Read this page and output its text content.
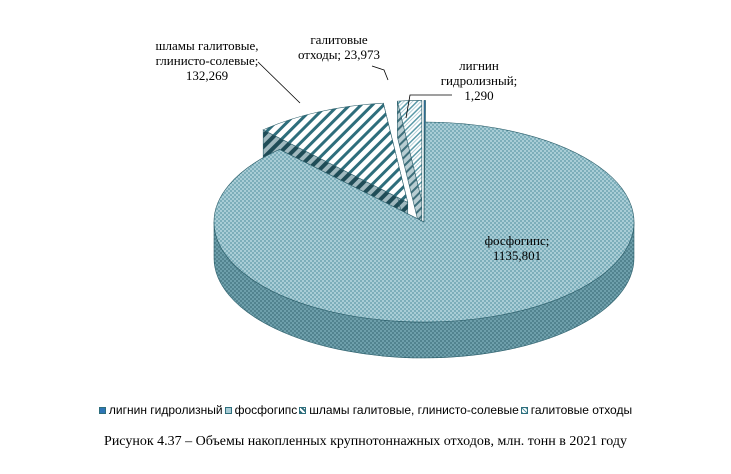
лигнин гидролизный; 1,290
фосфогипс; 1135,801
шламы галитовые, глинисто-солевые; 132,269
галитовые отходы; 23,973
лигнин гидролизный фосфогипс шламы галитовые, глинисто-солевые галитовые отходы
Рисунок 4.37 – Объемы накопленных крупнотоннажных отходов, млн. тонн в 2021 году
